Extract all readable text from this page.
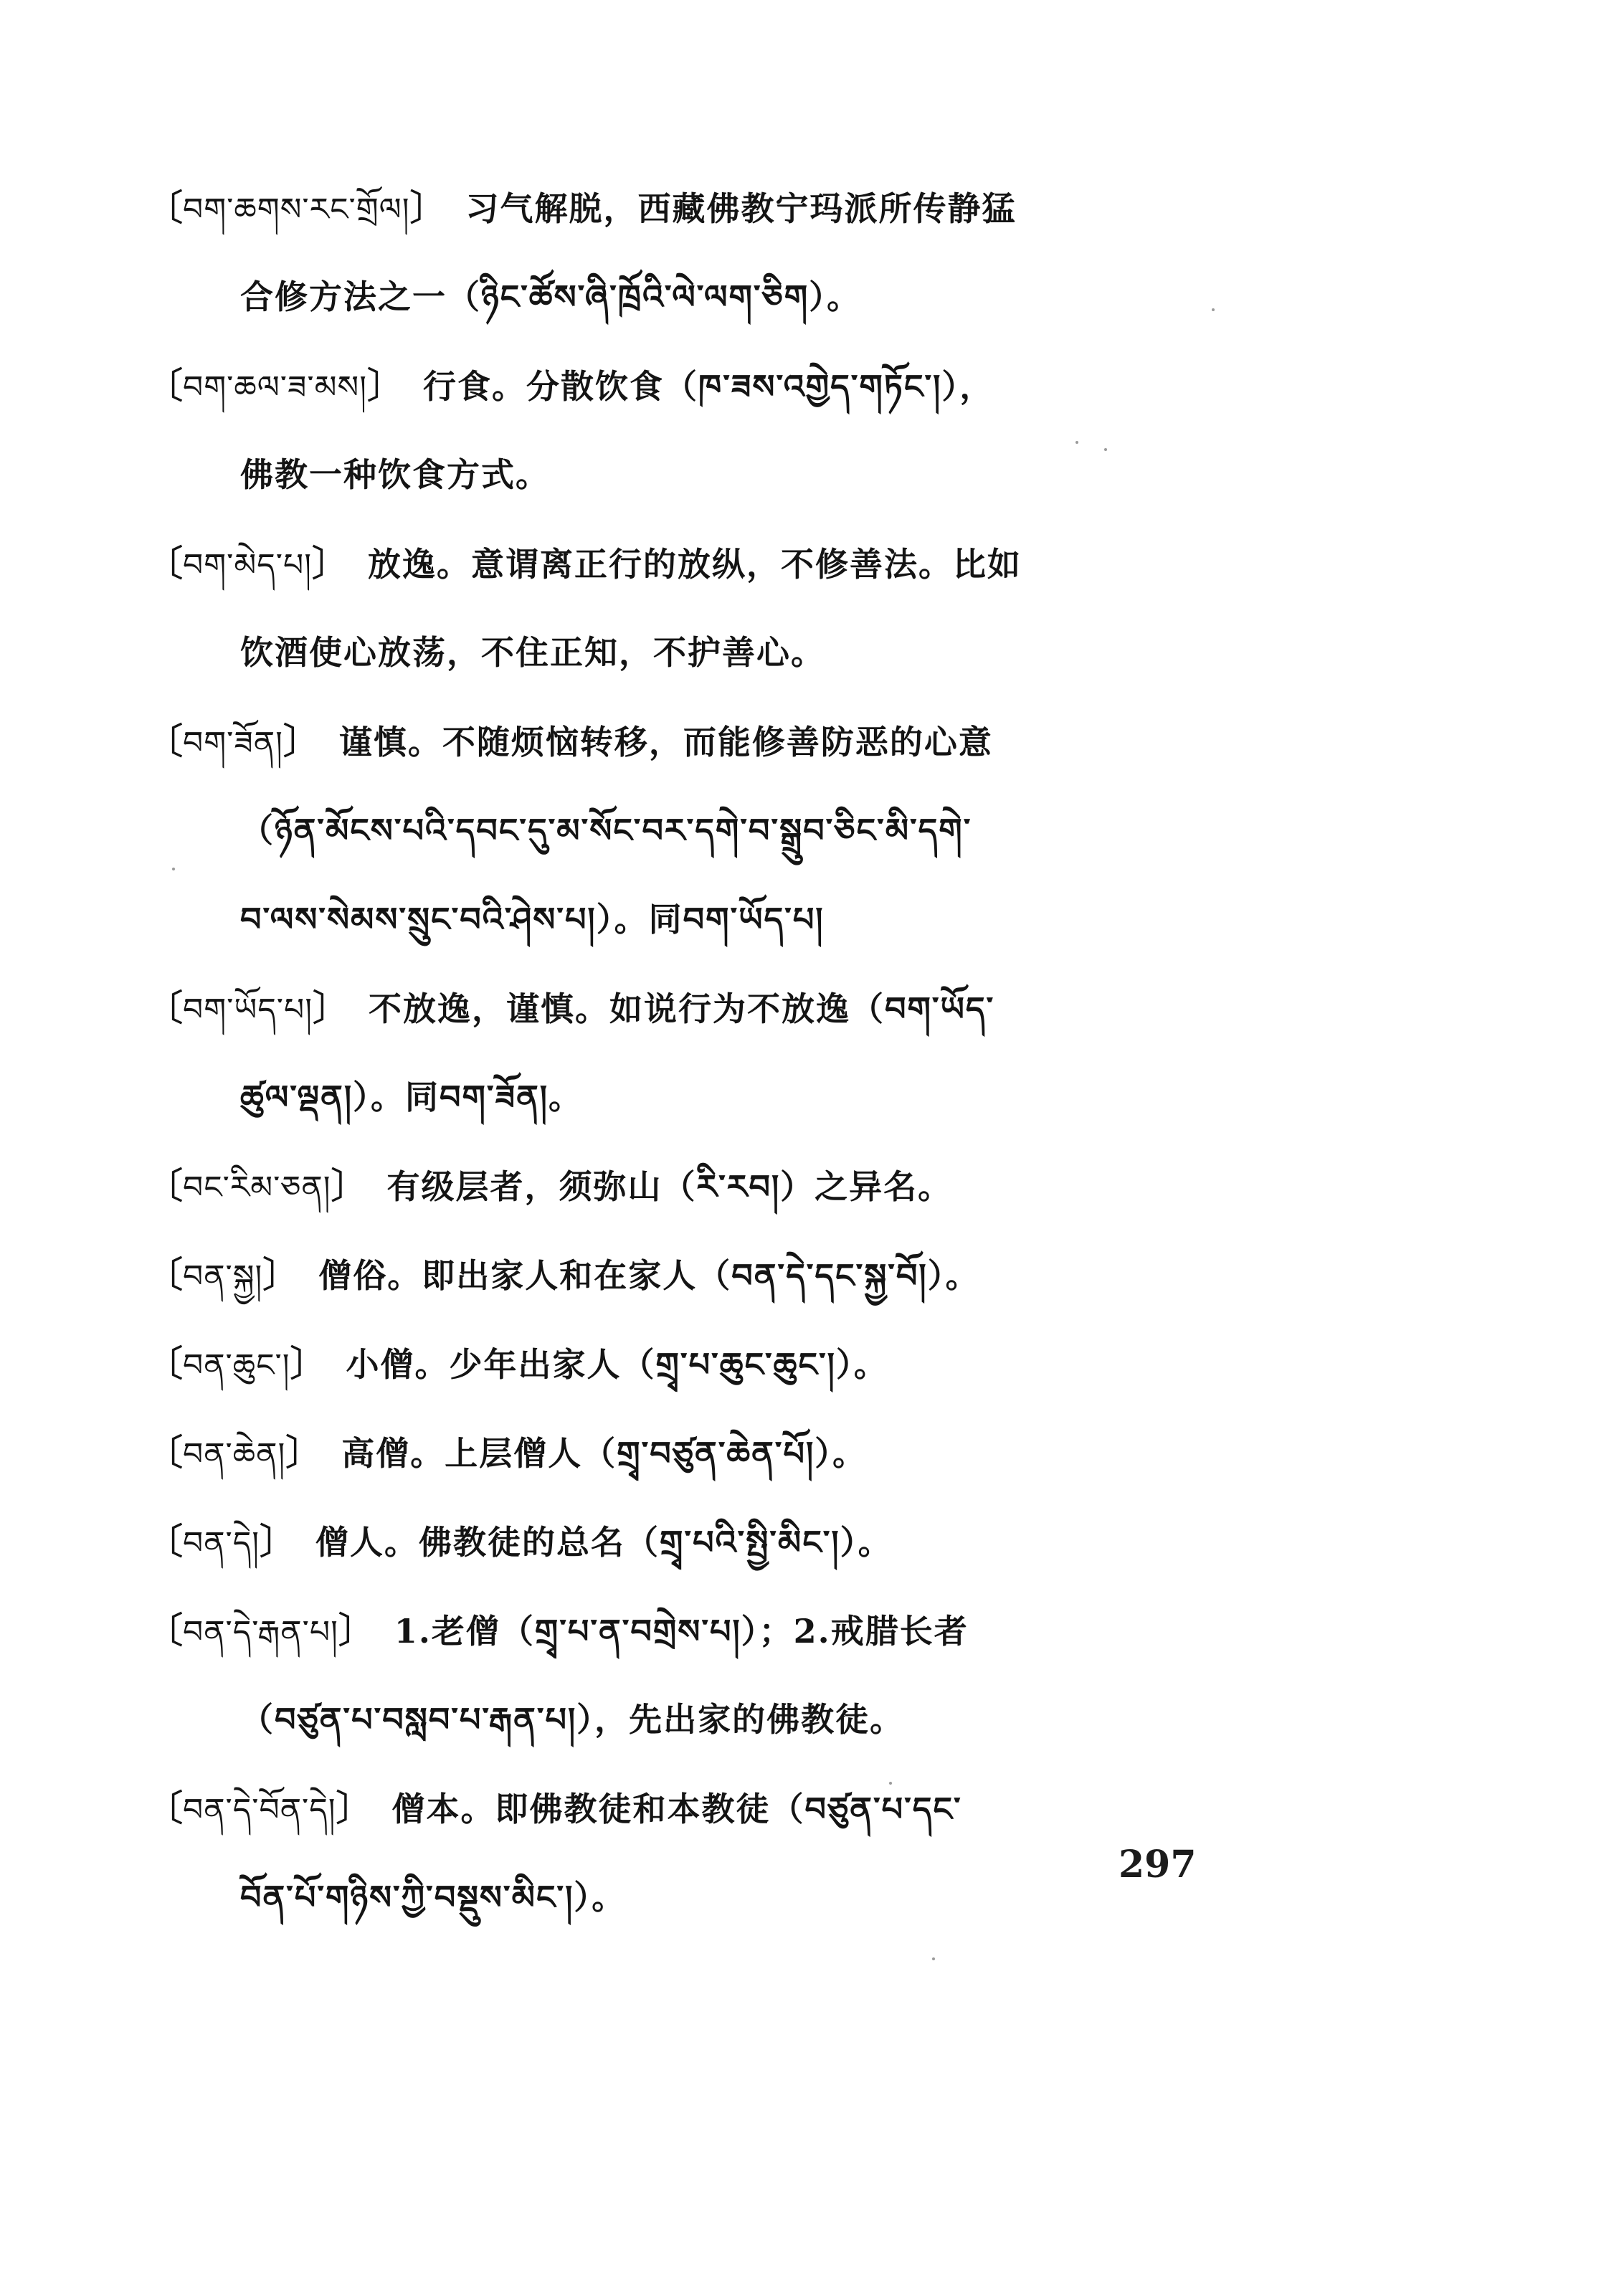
〔བག་ཆགས་རང་གྲོལ།〕 习气解脱，西藏佛教宁玛派所传静猛
合修方法之一（ཉིང་ཚོས་ཞི་ཁྲོའི་ལེ་ལག་ཅིག）。
〔བག་ཆལ་ཟ་མས།〕 行食。分散饮食（ཁ་ཟས་འགྱེད་གཏོང་།），
佛教一种饮食方式。
〔བག་མེད་པ།〕 放逸。意谓离正行的放纵，不修善法。比如
饮酒使心放荡，不住正知，不护善心。
〔བག་ཟོན།〕 谨慎。不随烦恼转移，而能修善防恶的心意
（ཉོན་མོངས་པའི་དབང་དུ་མ་སོང་བར་དགེ་བ་སྒྲུབ་ཅིང་མི་དགེ་
བ་ལས་སེམས་སྲུང་བའི་ཤེས་པ།）。同བག་ཡོད་པ།
〔བག་ཡོད་པ།〕 不放逸，谨慎。如说行为不放逸（བག་ཡོད་
ཚུལ་ལྡན།）。同བག་ཟོན།。
〔བང་རིམ་ཅན།〕 有级层者，须弥山（རི་རབ།）之异名。
〔བན་སྐྱ།〕 僧俗。即出家人和在家人（བན་དེ་དང་སྐྱ་བོ།）。
〔བན་ཆུང་།〕 小僧。少年出家人（གྲྭ་པ་ཆུང་ཆུང་།）。
〔བན་ཆེན།〕 高僧。上层僧人（གྲྭ་བཙུན་ཆེན་པོ།）。
〔བན་དེ།〕 僧人。佛教徒的总名（གྲྭ་པའི་སྤྱི་མིང་།）。
〔བན་དེ་རྒན་པ།〕 1.老僧（གྲྭ་པ་ན་བགྲེས་པ།）；2.戒腊长者
（བཙུན་པ་བསླབ་པ་རྒན་པ།），先出家的佛教徒。
〔བན་དེ་བོན་དེ།〕 僧本。即佛教徒和本教徒（བཙུན་པ་དང་
བོན་པོ་གཉིས་ཀྱི་བསྡུས་མིང་།）。
297
